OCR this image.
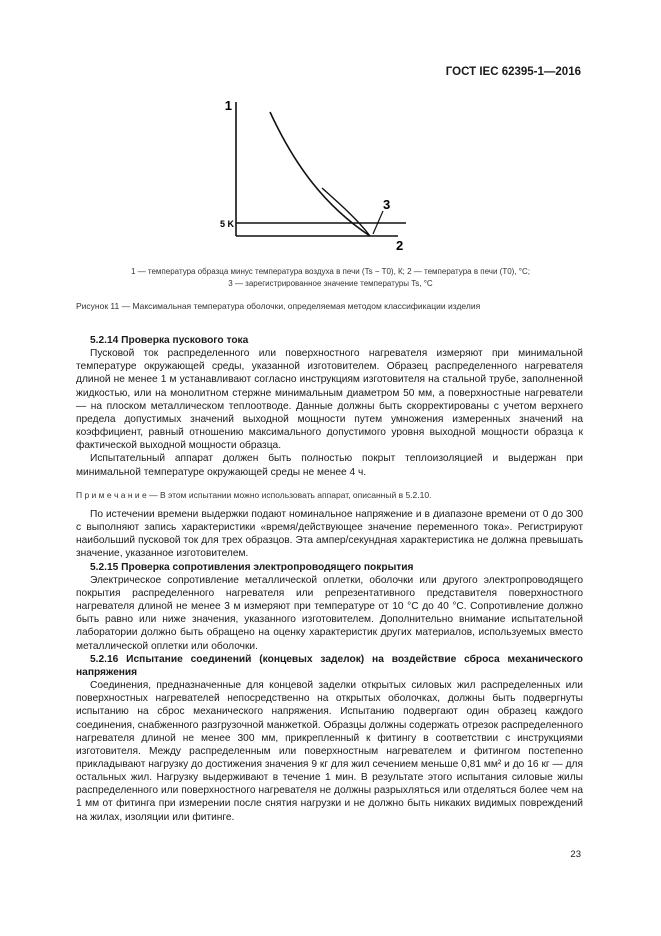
ГОСТ IEC 62395-1—2016
1
2
3
5 K
1 — температура образца минус температура воздуха в печи (Ts − T0), К; 2 — температура в печи (T0), °С;
3 — зарегистрированное значение температуры Ts, °С
Рисунок 11 — Максимальная температура оболочки, определяемая методом классификации изделия

5.2.14 Проверка пускового тока

Пусковой ток распределенного или поверхностного нагревателя измеряют при минимальной температуре окружающей среды, указанной изготовителем. Образец распределенного нагревателя длиной не менее 1 м устанавливают согласно инструкциям изготовителя на стальной трубе, заполненной жидкостью, или на монолитном стержне минимальным диаметром 50 мм, а поверхностные нагреватели — на плоском металлическом теплоотводе. Данные должны быть скорректированы с учетом верхнего предела допустимых значений выходной мощности путем умножения измеренных значений на коэффициент, равный отношению максимального допустимого уровня выходной мощности образца к фактической выходной мощности образца.

Испытательный аппарат должен быть полностью покрыт теплоизоляцией и выдержан при минимальной температуре окружающей среды не менее 4 ч.

П р и м е ч а н и е — В этом испытании можно использовать аппарат, описанный в 5.2.10.

По истечении времени выдержки подают номинальное напряжение и в диапазоне времени от 0 до 300 с выполняют запись характеристики «время/действующее значение переменного тока». Регистрируют наибольший пусковой ток для трех образцов. Эта ампер/секундная характеристика не должна превышать значение, указанное изготовителем.

5.2.15 Проверка сопротивления электропроводящего покрытия

Электрическое сопротивление металлической оплетки, оболочки или другого электропроводящего покрытия распределенного нагревателя или репрезентативного представителя поверхностного нагревателя длиной не менее 3 м измеряют при температуре от 10 °С до 40 °С. Сопротивление должно быть равно или ниже значения, указанного изготовителем. Дополнительно внимание испытательной лаборатории должно быть обращено на оценку характеристик других материалов, используемых вместо металлической оплетки или оболочки.

5.2.16 Испытание соединений (концевых заделок) на воздействие сброса механического напряжения

Соединения, предназначенные для концевой заделки открытых силовых жил распределенных или поверхностных нагревателей непосредственно на открытых оболочках, должны быть подвергнуты испытанию на сброс механического напряжения. Испытанию подвергают один образец каждого соединения, снабженного разгрузочной манжеткой. Образцы должны содержать отрезок распределенного нагревателя длиной не менее 300 мм, прикрепленный к фитингу в соответствии с инструкциями изготовителя. Между распределенным или поверхностным нагревателем и фитингом постепенно прикладывают нагрузку до достижения значения 9 кг для жил сечением меньше 0,81 мм² и до 16 кг — для остальных жил. Нагрузку выдерживают в течение 1 мин. В результате этого испытания силовые жилы распределенного или поверхностного нагревателя не должны разрыхляться или отделяться более чем на 1 мм от фитинга при измерении после снятия нагрузки и не должно быть никаких видимых повреждений на жилах, изоляции или фитинге.

23
